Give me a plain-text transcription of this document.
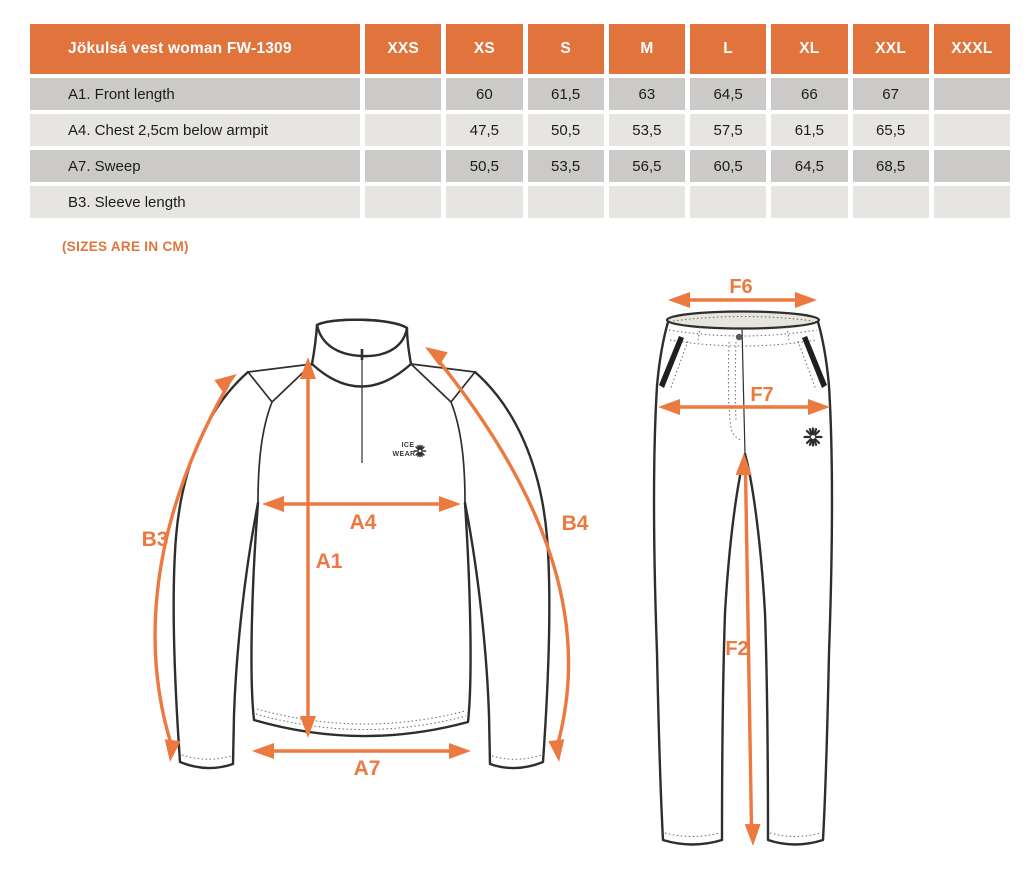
Jökulsá vest woman FW-1309	XXS	XS	S	M	L	XL	XXL	XXXL
A1. Front length		60	61,5	63	64,5	66	67	
A4. Chest 2,5cm below armpit		47,5	50,5	53,5	57,5	61,5	65,5	
A7. Sweep		50,5	53,5	56,5	60,5	64,5	68,5	
B3. Sleeve length								
(SIZES ARE IN CM)
ICE
WEAR
A1
A4
A7
B3
B4
F6
F7
F2
